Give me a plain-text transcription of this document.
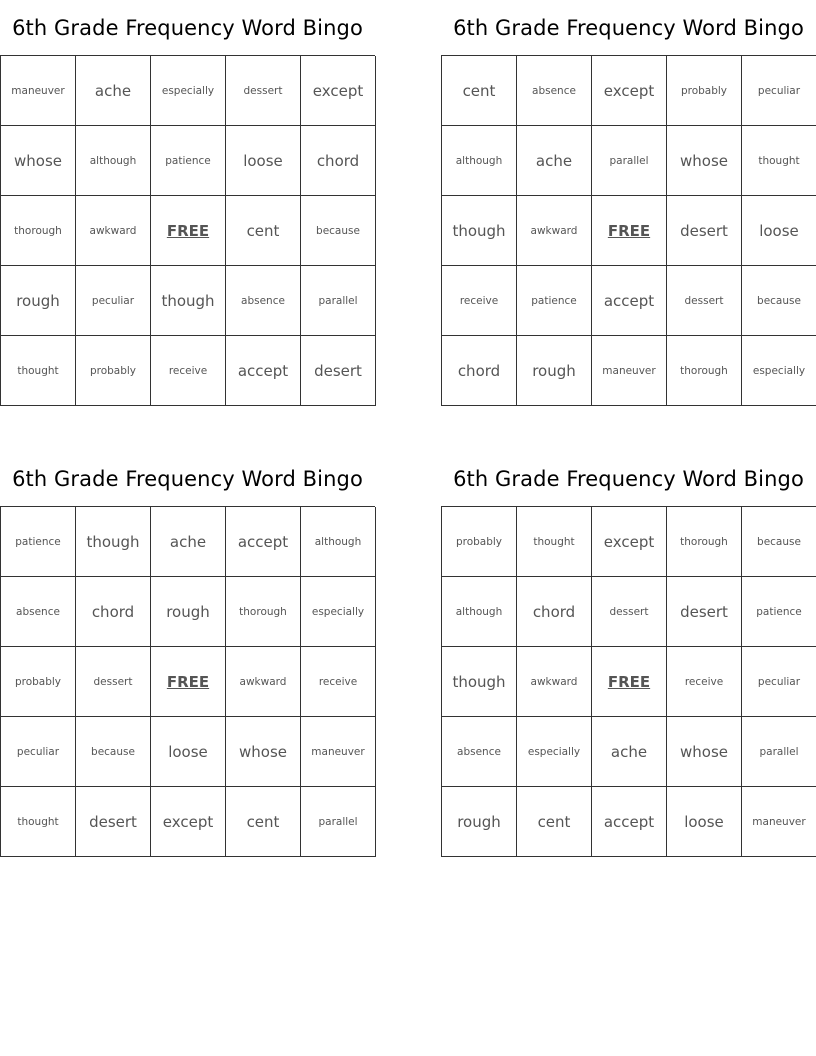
6th Grade Frequency Word Bingo
maneuver	ache	especially	dessert	except
whose	although	patience	loose	chord
thorough	awkward	FREE	cent	because
rough	peculiar	though	absence	parallel
thought	probably	receive	accept	desert
6th Grade Frequency Word Bingo
cent	absence	except	probably	peculiar
although	ache	parallel	whose	thought
though	awkward	FREE	desert	loose
receive	patience	accept	dessert	because
chord	rough	maneuver	thorough	especially
6th Grade Frequency Word Bingo
patience	though	ache	accept	although
absence	chord	rough	thorough	especially
probably	dessert	FREE	awkward	receive
peculiar	because	loose	whose	maneuver
thought	desert	except	cent	parallel
6th Grade Frequency Word Bingo
probably	thought	except	thorough	because
although	chord	dessert	desert	patience
though	awkward	FREE	receive	peculiar
absence	especially	ache	whose	parallel
rough	cent	accept	loose	maneuver
